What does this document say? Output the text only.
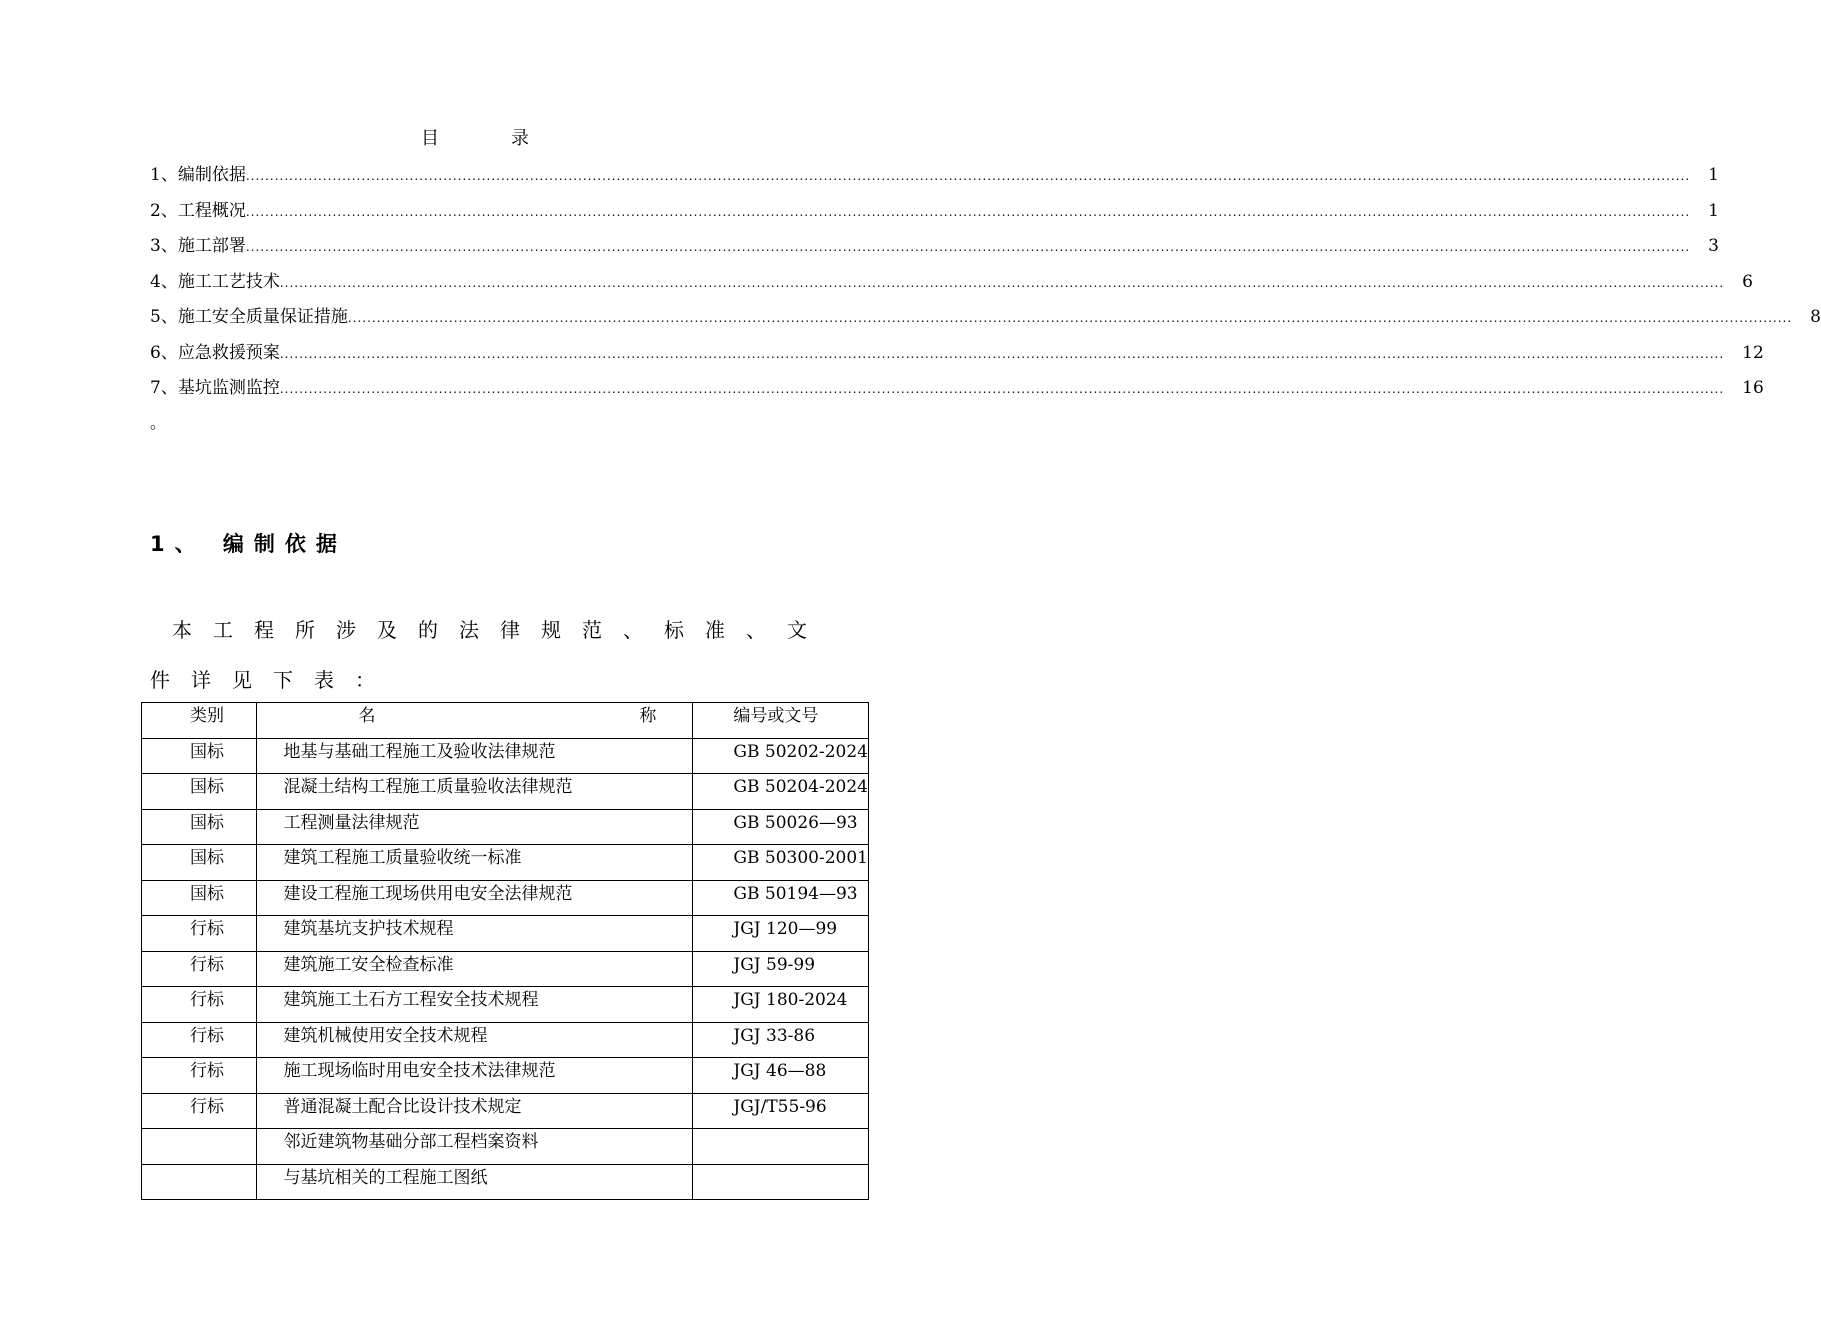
目	录
1 、编制依据 ............................................................................................................................................................................................................................................................................................................ 1
2 、工程概况 ............................................................................................................................................................................................................................................................................................................ 1
3 、施工部署 ............................................................................................................................................................................................................................................................................................................ 3
4 、施工工艺技术 ............................................................................................................................................................................................................................................................................................................ 6
5 、施工安全质量保证措施 ............................................................................................................................................................................................................................................................................................................ 8
6 、应急救援预案 ............................................................................................................................................................................................................................................................................................................ 12
7 、基坑监测监控 ............................................................................................................................................................................................................................................................................................................ 16
。
1、 编制依据
本工程所涉及的法律规范、标准、文
件详见下表：
类别	名 称	编号或文号
国标	地基与基础工程施工及验收法律规范	GB 50202-2024
国标	混凝土结构工程施工质量验收法律规范	GB 50204-2024
国标	工程测量法律规范	GB 50026—93
国标	建筑工程施工质量验收统一标准	GB 50300-2001
国标	建设工程施工现场供用电安全法律规范	GB 50194—93
行标	建筑基坑支护技术规程	JGJ 120—99
行标	建筑施工安全检查标准	JGJ 59-99
行标	建筑施工土石方工程安全技术规程	JGJ 180-2024
行标	建筑机械使用安全技术规程	JGJ 33-86
行标	施工现场临时用电安全技术法律规范	JGJ 46—88
行标	普通混凝土配合比设计技术规定	JGJ/T55-96
	邻近建筑物基础分部工程档案资料	
	与基坑相关的工程施工图纸	
